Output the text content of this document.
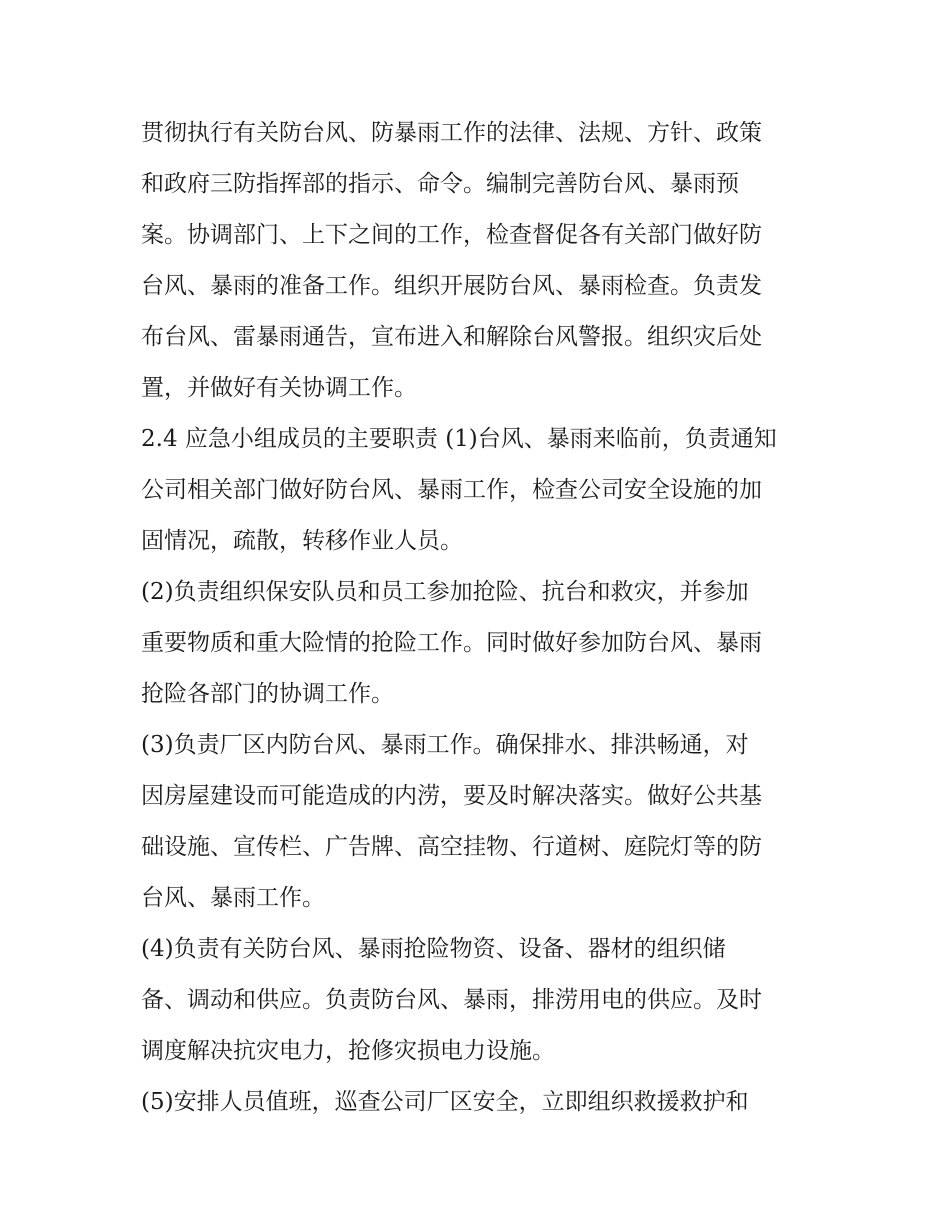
贯彻执行有关防台风、防暴雨工作的法律、法规、方针、政策
和政府三防指挥部的指示、命令。编制完善防台风、暴雨预
案。协调部门、上下之间的工作，检查督促各有关部门做好防
台风、暴雨的准备工作。组织开展防台风、暴雨检查。负责发
布台风、雷暴雨通告，宣布进入和解除台风警报。组织灾后处
置，并做好有关协调工作。
2.4 应急小组成员的主要职责 (1)台风、暴雨来临前，负责通知
公司相关部门做好防台风、暴雨工作，检查公司安全设施的加
固情况，疏散，转移作业人员。
(2)负责组织保安队员和员工参加抢险、抗台和救灾，并参加
重要物质和重大险情的抢险工作。同时做好参加防台风、暴雨
抢险各部门的协调工作。
(3)负责厂区内防台风、暴雨工作。确保排水、排洪畅通，对
因房屋建设而可能造成的内涝，要及时解决落实。做好公共基
础设施、宣传栏、广告牌、高空挂物、行道树、庭院灯等的防
台风、暴雨工作。
(4)负责有关防台风、暴雨抢险物资、设备、器材的组织储
备、调动和供应。负责防台风、暴雨，排涝用电的供应。及时
调度解决抗灾电力，抢修灾损电力设施。
(5)安排人员值班，巡查公司厂区安全，立即组织救援救护和
